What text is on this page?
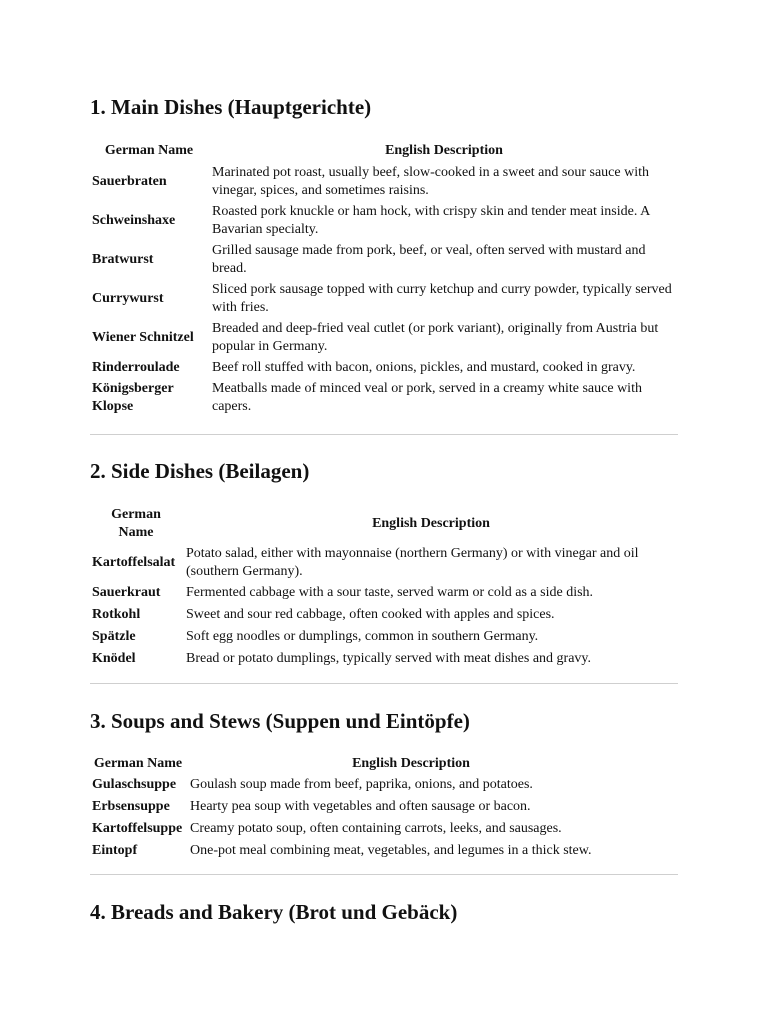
1. Main Dishes (Hauptgerichte)
German Name	English Description
Sauerbraten	Marinated pot roast, usually beef, slow-cooked in a sweet and sour sauce with vinegar, spices, and sometimes raisins.
Schweinshaxe	Roasted pork knuckle or ham hock, with crispy skin and tender meat inside. A Bavarian specialty.
Bratwurst	Grilled sausage made from pork, beef, or veal, often served with mustard and bread.
Currywurst	Sliced pork sausage topped with curry ketchup and curry powder, typically served with fries.
Wiener Schnitzel	Breaded and deep-fried veal cutlet (or pork variant), originally from Austria but popular in Germany.
Rinderroulade	Beef roll stuffed with bacon, onions, pickles, and mustard, cooked in gravy.
Königsberger Klopse	Meatballs made of minced veal or pork, served in a creamy white sauce with capers.
2. Side Dishes (Beilagen)
German Name	English Description
Kartoffelsalat	Potato salad, either with mayonnaise (northern Germany) or with vinegar and oil (southern Germany).
Sauerkraut	Fermented cabbage with a sour taste, served warm or cold as a side dish.
Rotkohl	Sweet and sour red cabbage, often cooked with apples and spices.
Spätzle	Soft egg noodles or dumplings, common in southern Germany.
Knödel	Bread or potato dumplings, typically served with meat dishes and gravy.
3. Soups and Stews (Suppen und Eintöpfe)
German Name	English Description
Gulaschsuppe	Goulash soup made from beef, paprika, onions, and potatoes.
Erbsensuppe	Hearty pea soup with vegetables and often sausage or bacon.
Kartoffelsuppe	Creamy potato soup, often containing carrots, leeks, and sausages.
Eintopf	One-pot meal combining meat, vegetables, and legumes in a thick stew.
4. Breads and Bakery (Brot und Gebäck)
